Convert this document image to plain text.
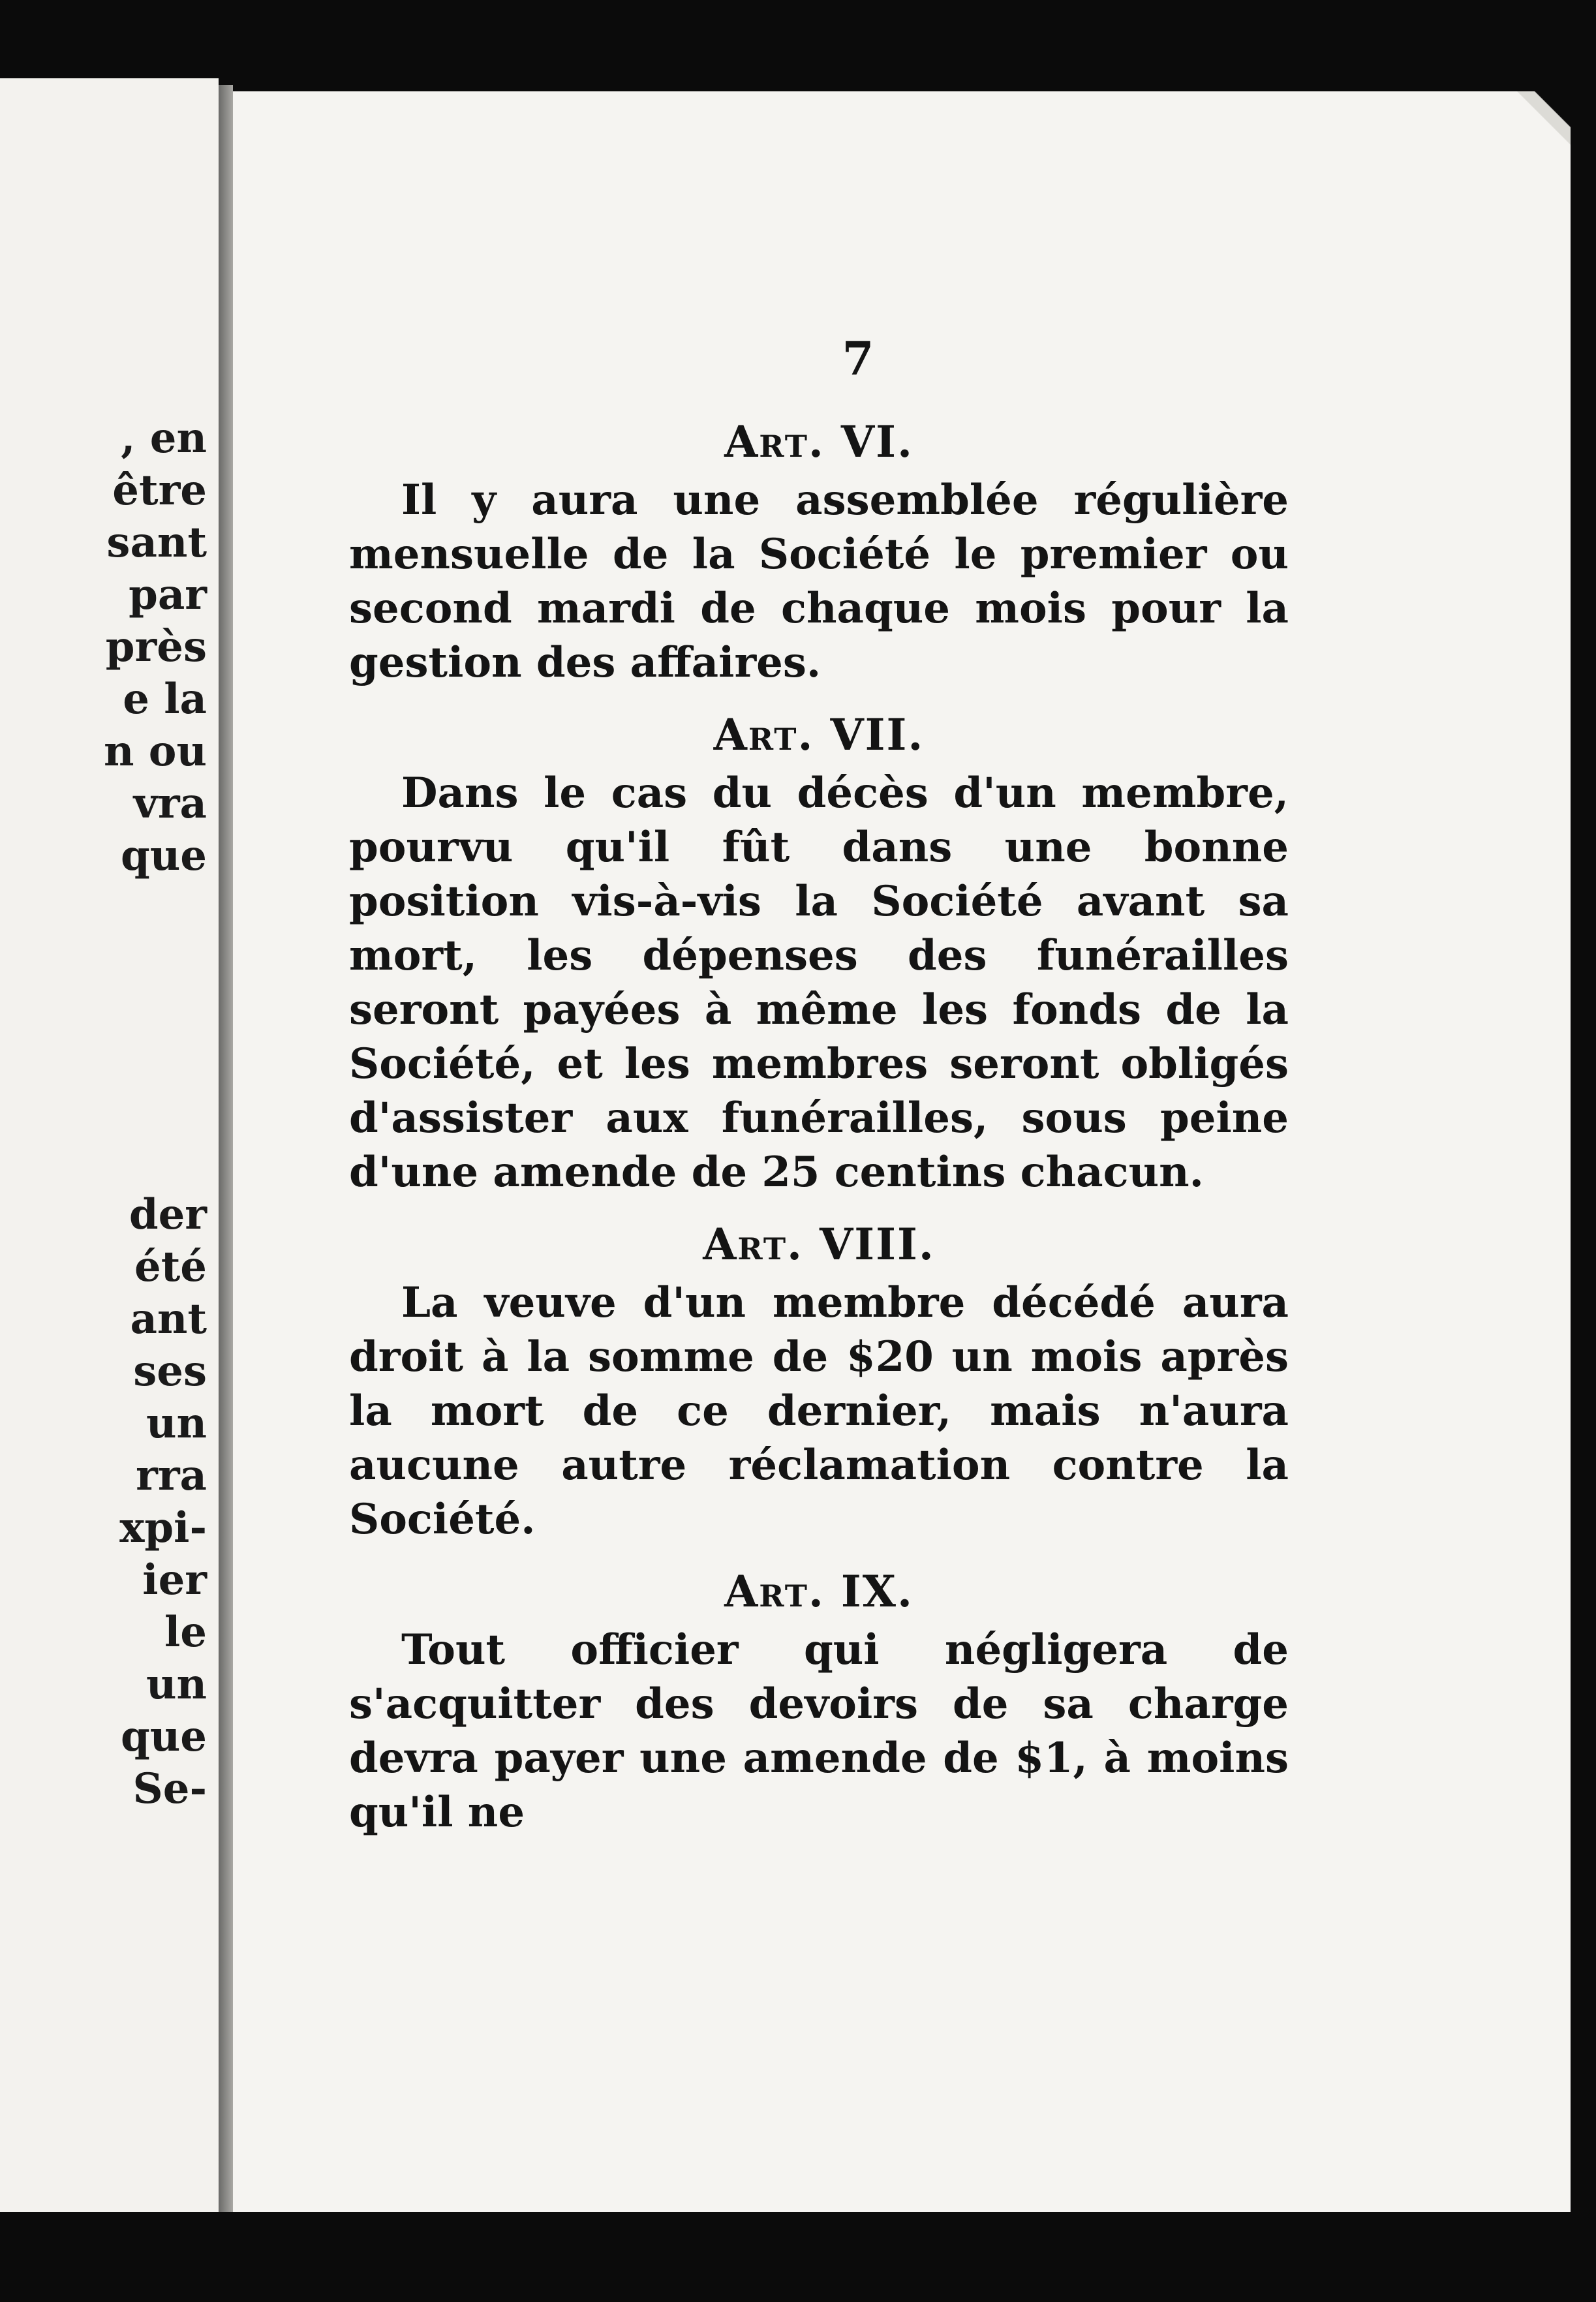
, en
être
sant
par
près
e la
n ou
vra
que
der
été
ant
ses
un
rra
xpi-
ier
le
un
que
Se-
7
Art. VI.

Il y aura une assemblée régulière mensuelle de la Société le premier ou second mardi de chaque mois pour la gestion des affaires.

Art. VII.

Dans le cas du décès d'un membre, pourvu qu'il fût dans une bonne position vis-à-vis la Société avant sa mort, les dépenses des funérailles seront payées à même les fonds de la Société, et les membres seront obligés d'assister aux funérailles, sous peine d'une amende de 25 centins chacun.

Art. VIII.

La veuve d'un membre décédé aura droit à la somme de $20 un mois après la mort de ce dernier, mais n'aura aucune autre réclamation contre la Société.

Art. IX.

Tout officier qui négligera de s'acquitter des devoirs de sa charge devra payer une amende de $1, à moins qu'il ne
